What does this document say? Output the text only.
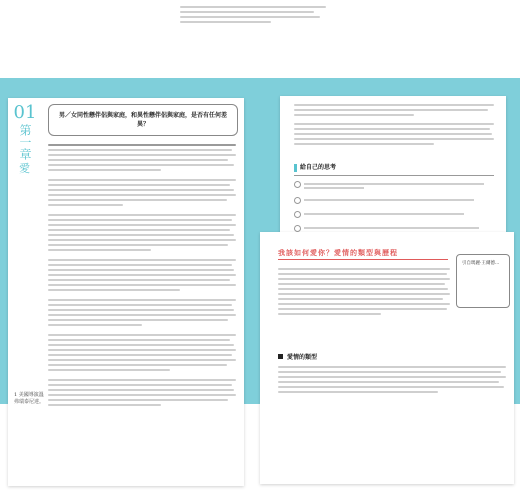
01
第一章
愛
男／女同性戀伴侶與家庭，和異性戀伴侶與家庭，是否有任何差異？
1 美國導演溫弗瑞泰尼達。
給自己的思考
我該如何愛你？愛情的類型與歷程
引自瑪麗·王爾德...
愛情的類型
